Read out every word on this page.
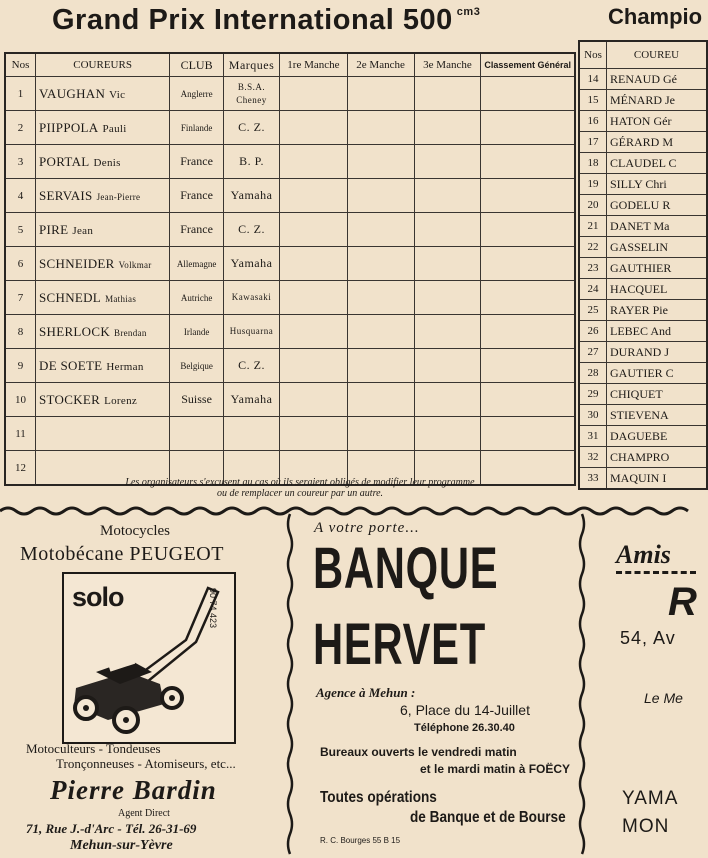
Grand Prix International 500 $^{cm3}$	Champio
Nos	COUREURS	CLUB	Marques	1re Manche	2e Manche	3e Manche	Classement Général
1	VAUGHAN Vic	Anglerre	B.S.A. Cheney				
2	PIIPPOLA Pauli	Finlande	C. Z.				
3	PORTAL Denis	France	B. P.				
4	SERVAIS Jean-Pierre	France	Yamaha				
5	PIRE Jean	France	C. Z.				
6	SCHNEIDER Volkmar	Allemagne	Yamaha				
7	SCHNEDL Mathias	Autriche	Kawasaki				
8	SHERLOCK Brendan	Irlande	Husquarna				
9	DE SOETE Herman	Belgique	C. Z.				
10	STOCKER Lorenz	Suisse	Yamaha				
11							
12							
Nos	COUREU
14	RENAUD Gé
15	MÉNARD Je
16	HATON Gér
17	GÉRARD M
18	CLAUDEL C
19	SILLY Chri
20	GODELU R
21	DANET Ma
22	GASSELIN
23	GAUTHIER
24	HACQUEL
25	RAYER Pie
26	LEBEC And
27	DURAND J
28	GAUTIER C
29	CHIQUET
30	STIEVENA
31	DAGUEBE
32	CHAMPRO
33	MAQUIN I
Les organisateurs s'excusent au cas où ils seraient obligés de modifier leur programme
ou de remplacer un coureur par un autre.
Motocycles
Motobécane PEUGEOT
solo	90 74 423
Motoculteurs - Tondeuses
Tronçonneuses - Atomiseurs, etc...
Pierre Bardin
Agent Direct
71, Rue J.-d'Arc - Tél. 26-31-69
Mehun-sur-Yèvre
A votre porte...
BANQUE
HERVET
Agence à Mehun :
6, Place du 14-Juillet
Téléphone 26.30.40
Bureaux ouverts le vendredi matin
et le mardi matin à FOËCY
Toutes opérations
de Banque et de Bourse
R. C. Bourges 55 B 15
Amis
R
54, Av
Le Me
YAMA
MON
